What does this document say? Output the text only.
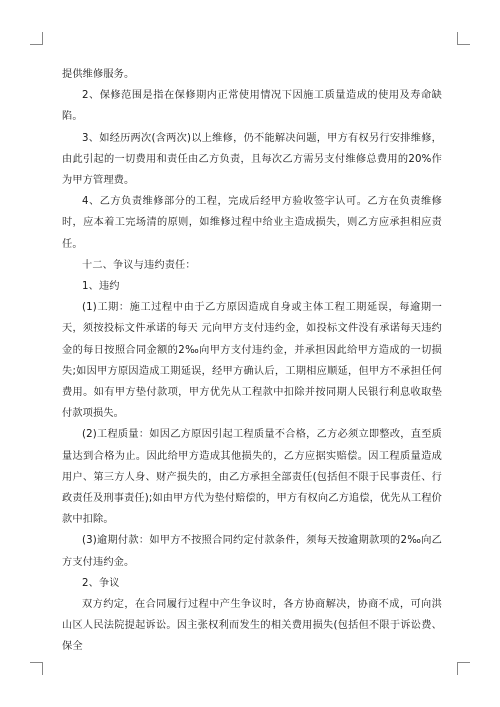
提供维修服务。

2、保修范围是指在保修期内正常使用情况下因施工质量造成的使用及寿命缺陷。

3、如经历两次(含两次)以上维修，仍不能解决问题，甲方有权另行安排维修，由此引起的一切费用和责任由乙方负责，且每次乙方需另支付维修总费用的20%作为甲方管理费。

4、乙方负责维修部分的工程，完成后经甲方验收签字认可。乙方在负责维修时，应本着工完场清的原则，如维修过程中给业主造成损失，则乙方应承担相应责任。

十二、争议与违约责任：

1、违约

(1)工期：施工过程中由于乙方原因造成自身或主体工程工期延误，每逾期一天，须按投标文件承诺的每天 元向甲方支付违约金，如投标文件没有承诺每天违约金的每日按照合同金额的2‰向甲方支付违约金，并承担因此给甲方造成的一切损失;如因甲方原因造成工期延误，经甲方确认后，工期相应顺延，但甲方不承担任何费用。如有甲方垫付款项，甲方优先从工程款中扣除并按同期人民银行利息收取垫付款项损失。

(2)工程质量：如因乙方原因引起工程质量不合格，乙方必须立即整改，直至质量达到合格为止。因此给甲方造成其他损失的，乙方应据实赔偿。因工程质量造成用户、第三方人身、财产损失的，由乙方承担全部责任(包括但不限于民事责任、行政责任及刑事责任);如由甲方代为垫付赔偿的，甲方有权向乙方追偿，优先从工程价款中扣除。

(3)逾期付款：如甲方不按照合同约定付款条件，须每天按逾期款项的2‰向乙方支付违约金。

2、争议

双方约定，在合同履行过程中产生争议时，各方协商解决，协商不成，可向洪山区人民法院提起诉讼。因主张权利而发生的相关费用损失(包括但不限于诉讼费、保全
